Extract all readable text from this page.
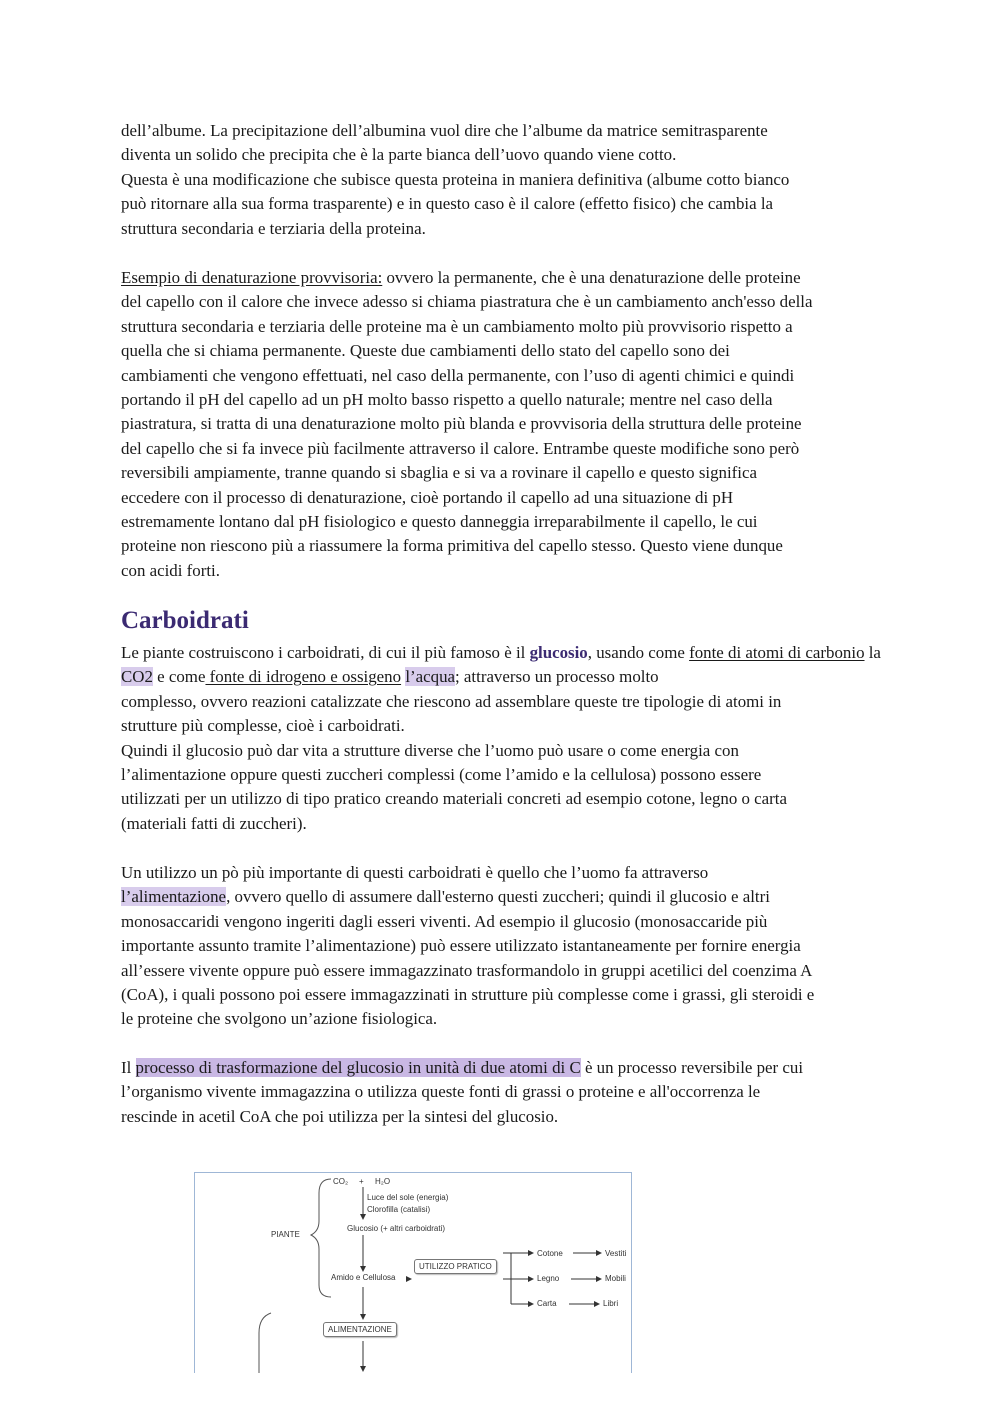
dell’albume. La precipitazione dell’albumina vuol dire che l’albume da matrice semitrasparente

diventa un solido che precipita che è la parte bianca dell’uovo quando viene cotto.

Questa è una modificazione che subisce questa proteina in maniera definitiva (albume cotto bianco

può ritornare alla sua forma trasparente) e in questo caso è il calore (effetto fisico) che cambia la

struttura secondaria e terziaria della proteina.

Esempio di denaturazione provvisoria: ovvero la permanente, che è una denaturazione delle proteine

del capello con il calore che invece adesso si chiama piastratura che è un cambiamento anch'esso della

struttura secondaria e terziaria delle proteine ma è un cambiamento molto più provvisorio rispetto a

quella che si chiama permanente. Queste due cambiamenti dello stato del capello sono dei

cambiamenti che vengono effettuati, nel caso della permanente, con l’uso di agenti chimici e quindi

portando il pH del capello ad un pH molto basso rispetto a quello naturale; mentre nel caso della

piastratura, si tratta di una denaturazione molto più blanda e provvisoria della struttura delle proteine

del capello che si fa invece più facilmente attraverso il calore. Entrambe queste modifiche sono però

reversibili ampiamente, tranne quando si sbaglia e si va a rovinare il capello e questo significa

eccedere con il processo di denaturazione, cioè portando il capello ad una situazione di pH

estremamente lontano dal pH fisiologico e questo danneggia irreparabilmente il capello, le cui

proteine non riescono più a riassumere la forma primitiva del capello stesso. Questo viene dunque

con acidi forti.

Carboidrati

Le piante costruiscono i carboidrati, di cui il più famoso è il glucosio, usando come fonte di atomi di carbonio la CO2 e come fonte di idrogeno e ossigeno l’acqua; attraverso un processo molto

complesso, ovvero reazioni catalizzate che riescono ad assemblare queste tre tipologie di atomi in

strutture più complesse, cioè i carboidrati.

Quindi il glucosio può dar vita a strutture diverse che l’uomo può usare o come energia con

l’alimentazione oppure questi zuccheri complessi (come l’amido e la cellulosa) possono essere

utilizzati per un utilizzo di tipo pratico creando materiali concreti ad esempio cotone, legno o carta

(materiali fatti di zuccheri).

Un utilizzo un pò più importante di questi carboidrati è quello che l’uomo fa attraverso

l’alimentazione, ovvero quello di assumere dall'esterno questi zuccheri; quindi il glucosio e altri

monosaccaridi vengono ingeriti dagli esseri viventi. Ad esempio il glucosio (monosaccaride più

importante assunto tramite l’alimentazione) può essere utilizzato istantaneamente per fornire energia

all’essere vivente oppure può essere immagazzinato trasformandolo in gruppi acetilici del coenzima A

(CoA), i quali possono poi essere immagazzinati in strutture più complesse come i grassi, gli steroidi e

le proteine che svolgono un’azione fisiologica.

Il processo di trasformazione del glucosio in unità di due atomi di C è un processo reversibile per cui

l’organismo vivente immagazzina o utilizza queste fonti di grassi o proteine e all'occorrenza le

rescinde in acetil CoA che poi utilizza per la sintesi del glucosio.

CO₂ + H₂O
Luce del sole (energia)
Clorofilla (catalisi)
PIANTE
Glucosio (+ altri carboidrati)
Amido e Cellulosa
UTILIZZO PRATICO
Cotone
Legno
Carta
Vestiti
Mobili
Libri
ALIMENTAZIONE
